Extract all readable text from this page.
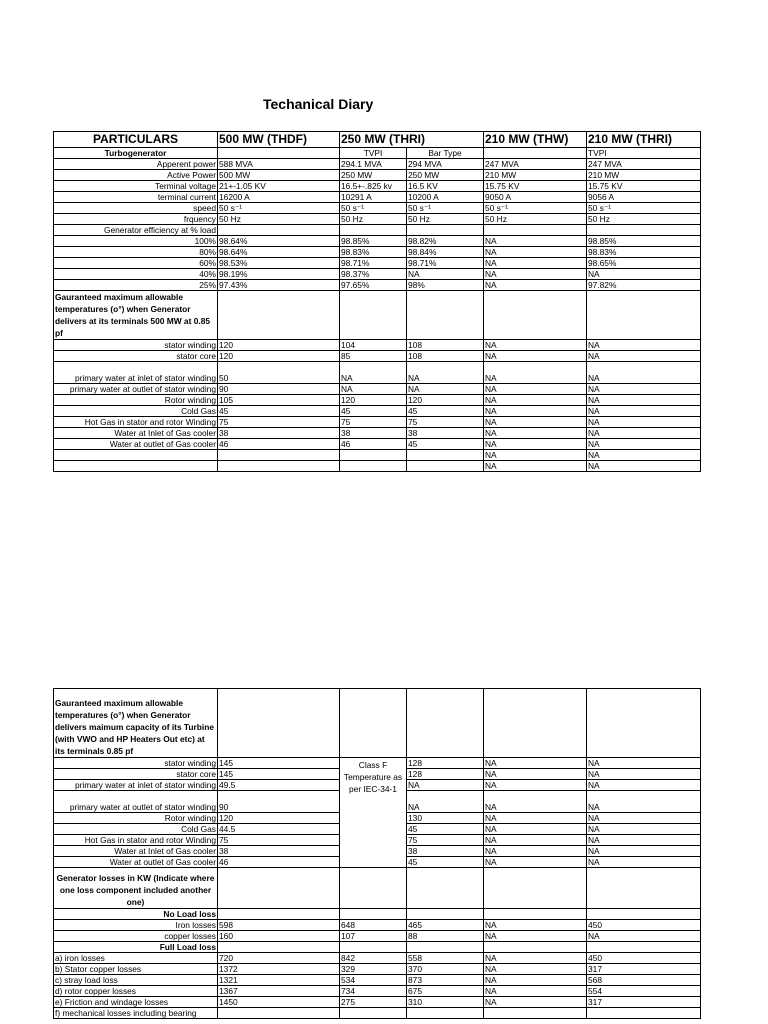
Techanical Diary
PARTICULARS	500 MW (THDF)	250 MW (THRI)		210 MW (THW)	210 MW (THRI)
Turbogenerator		TVPI	Bar Type		TVPI
Apperent power	588 MVA	294.1 MVA	294 MVA	247 MVA	247 MVA
Active Power	500 MW	250 MW	250 MW	210 MW	210 MW
Terminal voltage	21+-1.05 KV	16.5+-.825 kv	16.5 KV	15.75 KV	15.75 KV
terminal current	16200 A	10291 A	10200 A	9050 A	9056 A
speed	50 s⁻¹	50 s⁻¹	50 s⁻¹	50 s⁻¹	50 s⁻¹
frquency	50 Hz	50 Hz	50 Hz	50 Hz	50 Hz
Generator efficiency at % load					
100%	98.64%	98.85%	98.82%	NA	98.85%
80%	98.64%	98.83%	98.84%	NA	98.83%
60%	98.53%	98.71%	98.71%	NA	98.65%
40%	98.19%	98.37%	NA	NA	NA
25%	97.43%	97.65%	98%	NA	97.82%
Gauranteed maximum allowable temperatures (o°) when Generator delivers at its terminals 500 MW at 0.85 pf					
stator winding	120	104	108	NA	NA
stator core	120	85	108	NA	NA
primary water at inlet of stator winding	50	NA	NA	NA	NA
primary water at outlet of stator winding	90	NA	NA	NA	NA
Rotor winding	105	120	120	NA	NA
Cold Gas	45	45	45	NA	NA
Hot Gas in stator and rotor Winding	75	75	75	NA	NA
Water at Inlet of Gas cooler	38	38	38	NA	NA
Water at outlet of Gas cooler	46	46	45	NA	NA
				NA	NA
				NA	NA
Gauranteed maximum allowable temperatures (o°) when Generator delivers maimum capacity of its Turbine (with VWO and HP Heaters Out etc) at its terminals 0.85 pf					
stator winding	145	Class F Temperature as per IEC-34-1	128	NA	NA
stator core	145		128	NA	NA
primary water at inlet of stator winding	49.5		NA	NA	NA
primary water at outlet of stator winding	90		NA	NA	NA
Rotor winding	120		130	NA	NA
Cold Gas	44.5		45	NA	NA
Hot Gas in stator and rotor Winding	75		75	NA	NA
Water at Inlet of Gas cooler	38		38	NA	NA
Water at outlet of Gas cooler	46		45	NA	NA
Generator losses in KW (Indicate where one loss component included another one)					
No Load loss					
Iron losses	598	648	465	NA	450
copper losses	160	107	88	NA	NA
Full Load loss					
a) iron losses	720	842	558	NA	450
b) Stator copper losses	1372	329	370	NA	317
c) stray load loss	1321	534	873	NA	568
d) rotor copper losses	1367	734	675	NA	554
e) Friction and windage losses	1450	275	310	NA	317
f) mechanical losses including bearing					
